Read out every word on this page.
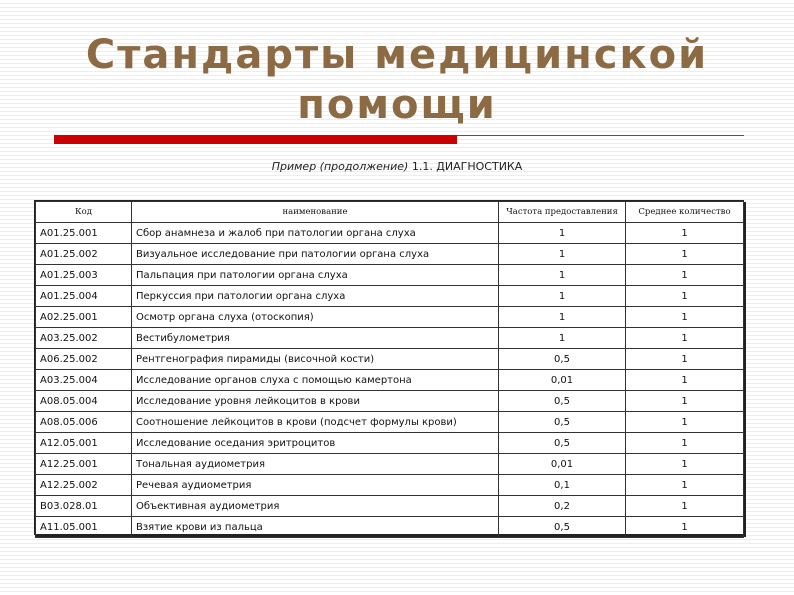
Стандарты медицинской
помощи
Пример (продолжение) 1.1. ДИАГНОСТИКА
Код	наименование	Частота предоставления	Среднее количество
A01.25.001	Сбор анамнеза и жалоб при патологии органа слуха	1	1
A01.25.002	Визуальное исследование при патологии органа слуха	1	1
A01.25.003	Пальпация при патологии органа слуха	1	1
A01.25.004	Перкуссия при патологии органа слуха	1	1
A02.25.001	Осмотр органа слуха (отоскопия)	1	1
A03.25.002	Вестибулометрия	1	1
A06.25.002	Рентгенография пирамиды (височной кости)	0,5	1
A03.25.004	Исследование органов слуха с помощью камертона	0,01	1
A08.05.004	Исследование уровня лейкоцитов в крови	0,5	1
A08.05.006	Соотношение лейкоцитов в крови (подсчет формулы крови)	0,5	1
A12.05.001	Исследование оседания эритроцитов	0,5	1
A12.25.001	Тональная аудиометрия	0,01	1
A12.25.002	Речевая аудиометрия	0,1	1
B03.028.01	Объективная аудиометрия	0,2	1
A11.05.001	Взятие крови из пальца	0,5	1
